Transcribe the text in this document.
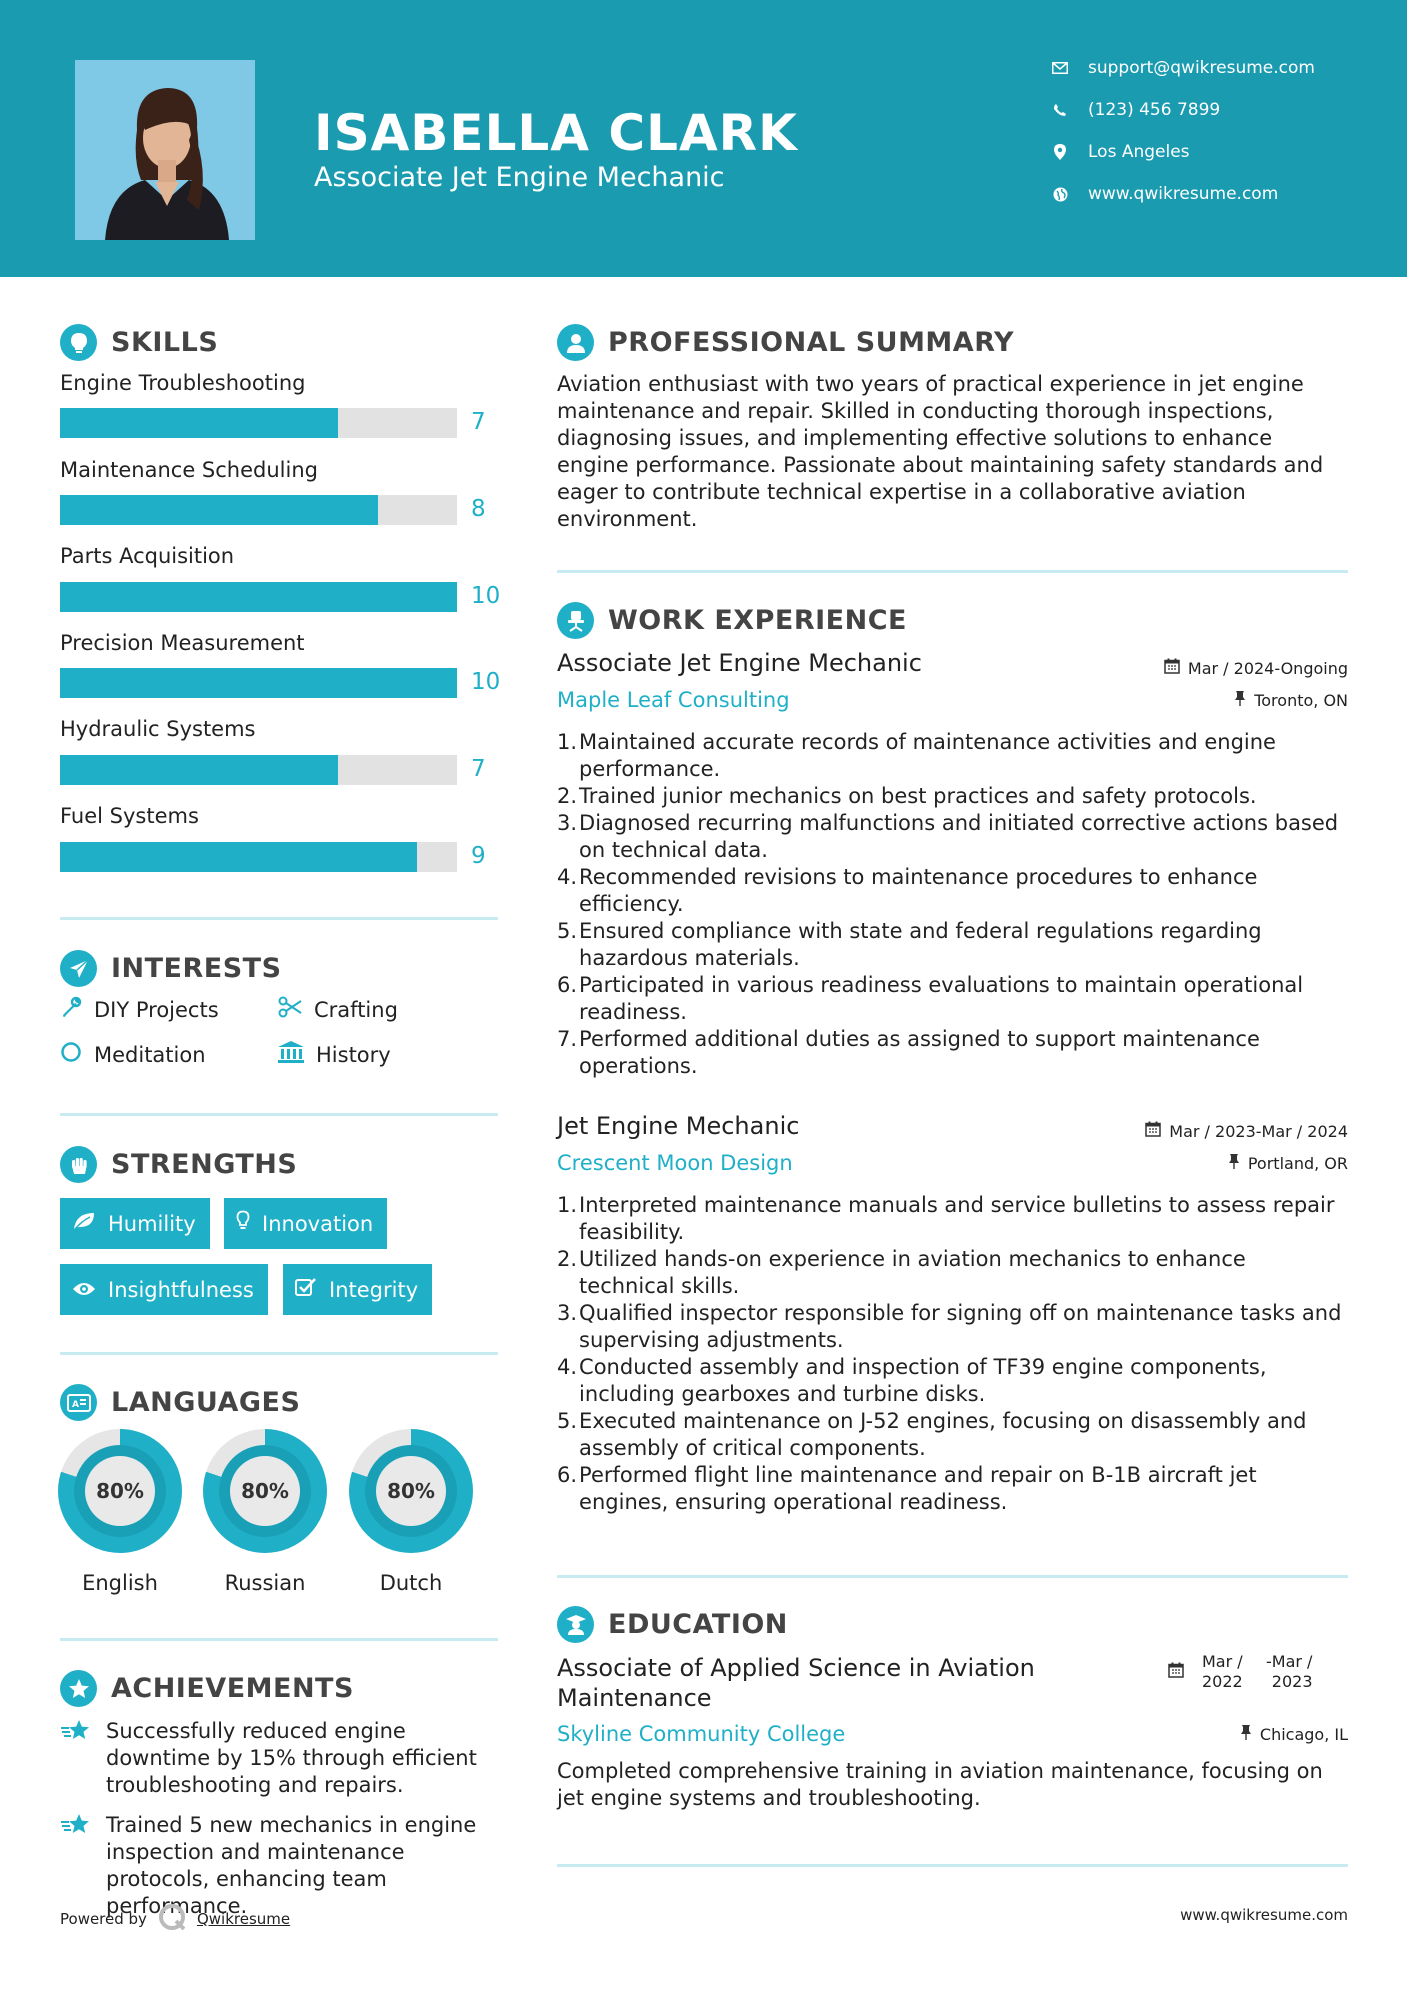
ISABELLA CLARK
Associate Jet Engine Mechanic
support@qwikresume.com
(123) 456 7899
Los Angeles
www.qwikresume.com
SKILLS
Engine Troubleshooting
7
Maintenance Scheduling
8
Parts Acquisition
10
Precision Measurement
10
Hydraulic Systems
7
Fuel Systems
9
INTERESTS
DIY Projects	Crafting
Meditation	History
STRENGTHS
Humility	Innovation
Insightfulness	Integrity
A LANGUAGES
80%
English
80%
Russian
80%
Dutch
ACHIEVEMENTS
Successfully reduced engine downtime by 15% through efficient troubleshooting and repairs.
Trained 5 new mechanics in engine inspection and maintenance protocols, enhancing team performance.
PROFESSIONAL SUMMARY
Aviation enthusiast with two years of practical experience in jet engine maintenance and repair. Skilled in conducting thorough inspections, diagnosing issues, and implementing effective solutions to enhance engine performance. Passionate about maintaining safety standards and eager to contribute technical expertise in a collaborative aviation environment.
WORK EXPERIENCE
Associate Jet Engine Mechanic	Mar / 2024-Ongoing
Maple Leaf Consulting	Toronto, ON
1. Maintained accurate records of maintenance activities and engine performance.
2. Trained junior mechanics on best practices and safety protocols.
3. Diagnosed recurring malfunctions and initiated corrective actions based on technical data.
4. Recommended revisions to maintenance procedures to enhance efficiency.
5. Ensured compliance with state and federal regulations regarding hazardous materials.
6. Participated in various readiness evaluations to maintain operational readiness.
7. Performed additional duties as assigned to support maintenance operations.
Jet Engine Mechanic	Mar / 2023-Mar / 2024
Crescent Moon Design	Portland, OR
1. Interpreted maintenance manuals and service bulletins to assess repair feasibility.
2. Utilized hands-on experience in aviation mechanics to enhance technical skills.
3. Qualified inspector responsible for signing off on maintenance tasks and supervising adjustments.
4. Conducted assembly and inspection of TF39 engine components, including gearboxes and turbine disks.
5. Executed maintenance on J-52 engines, focusing on disassembly and assembly of critical components.
6. Performed flight line maintenance and repair on B-1B aircraft jet engines, ensuring operational readiness.
EDUCATION
Associate of Applied Science in Aviation Maintenance
Mar / 2022
- Mar / 2023
Skyline Community College	Chicago, IL
Completed comprehensive training in aviation maintenance, focusing on jet engine systems and troubleshooting.
Powered by	Qwikresume	www.qwikresume.com
